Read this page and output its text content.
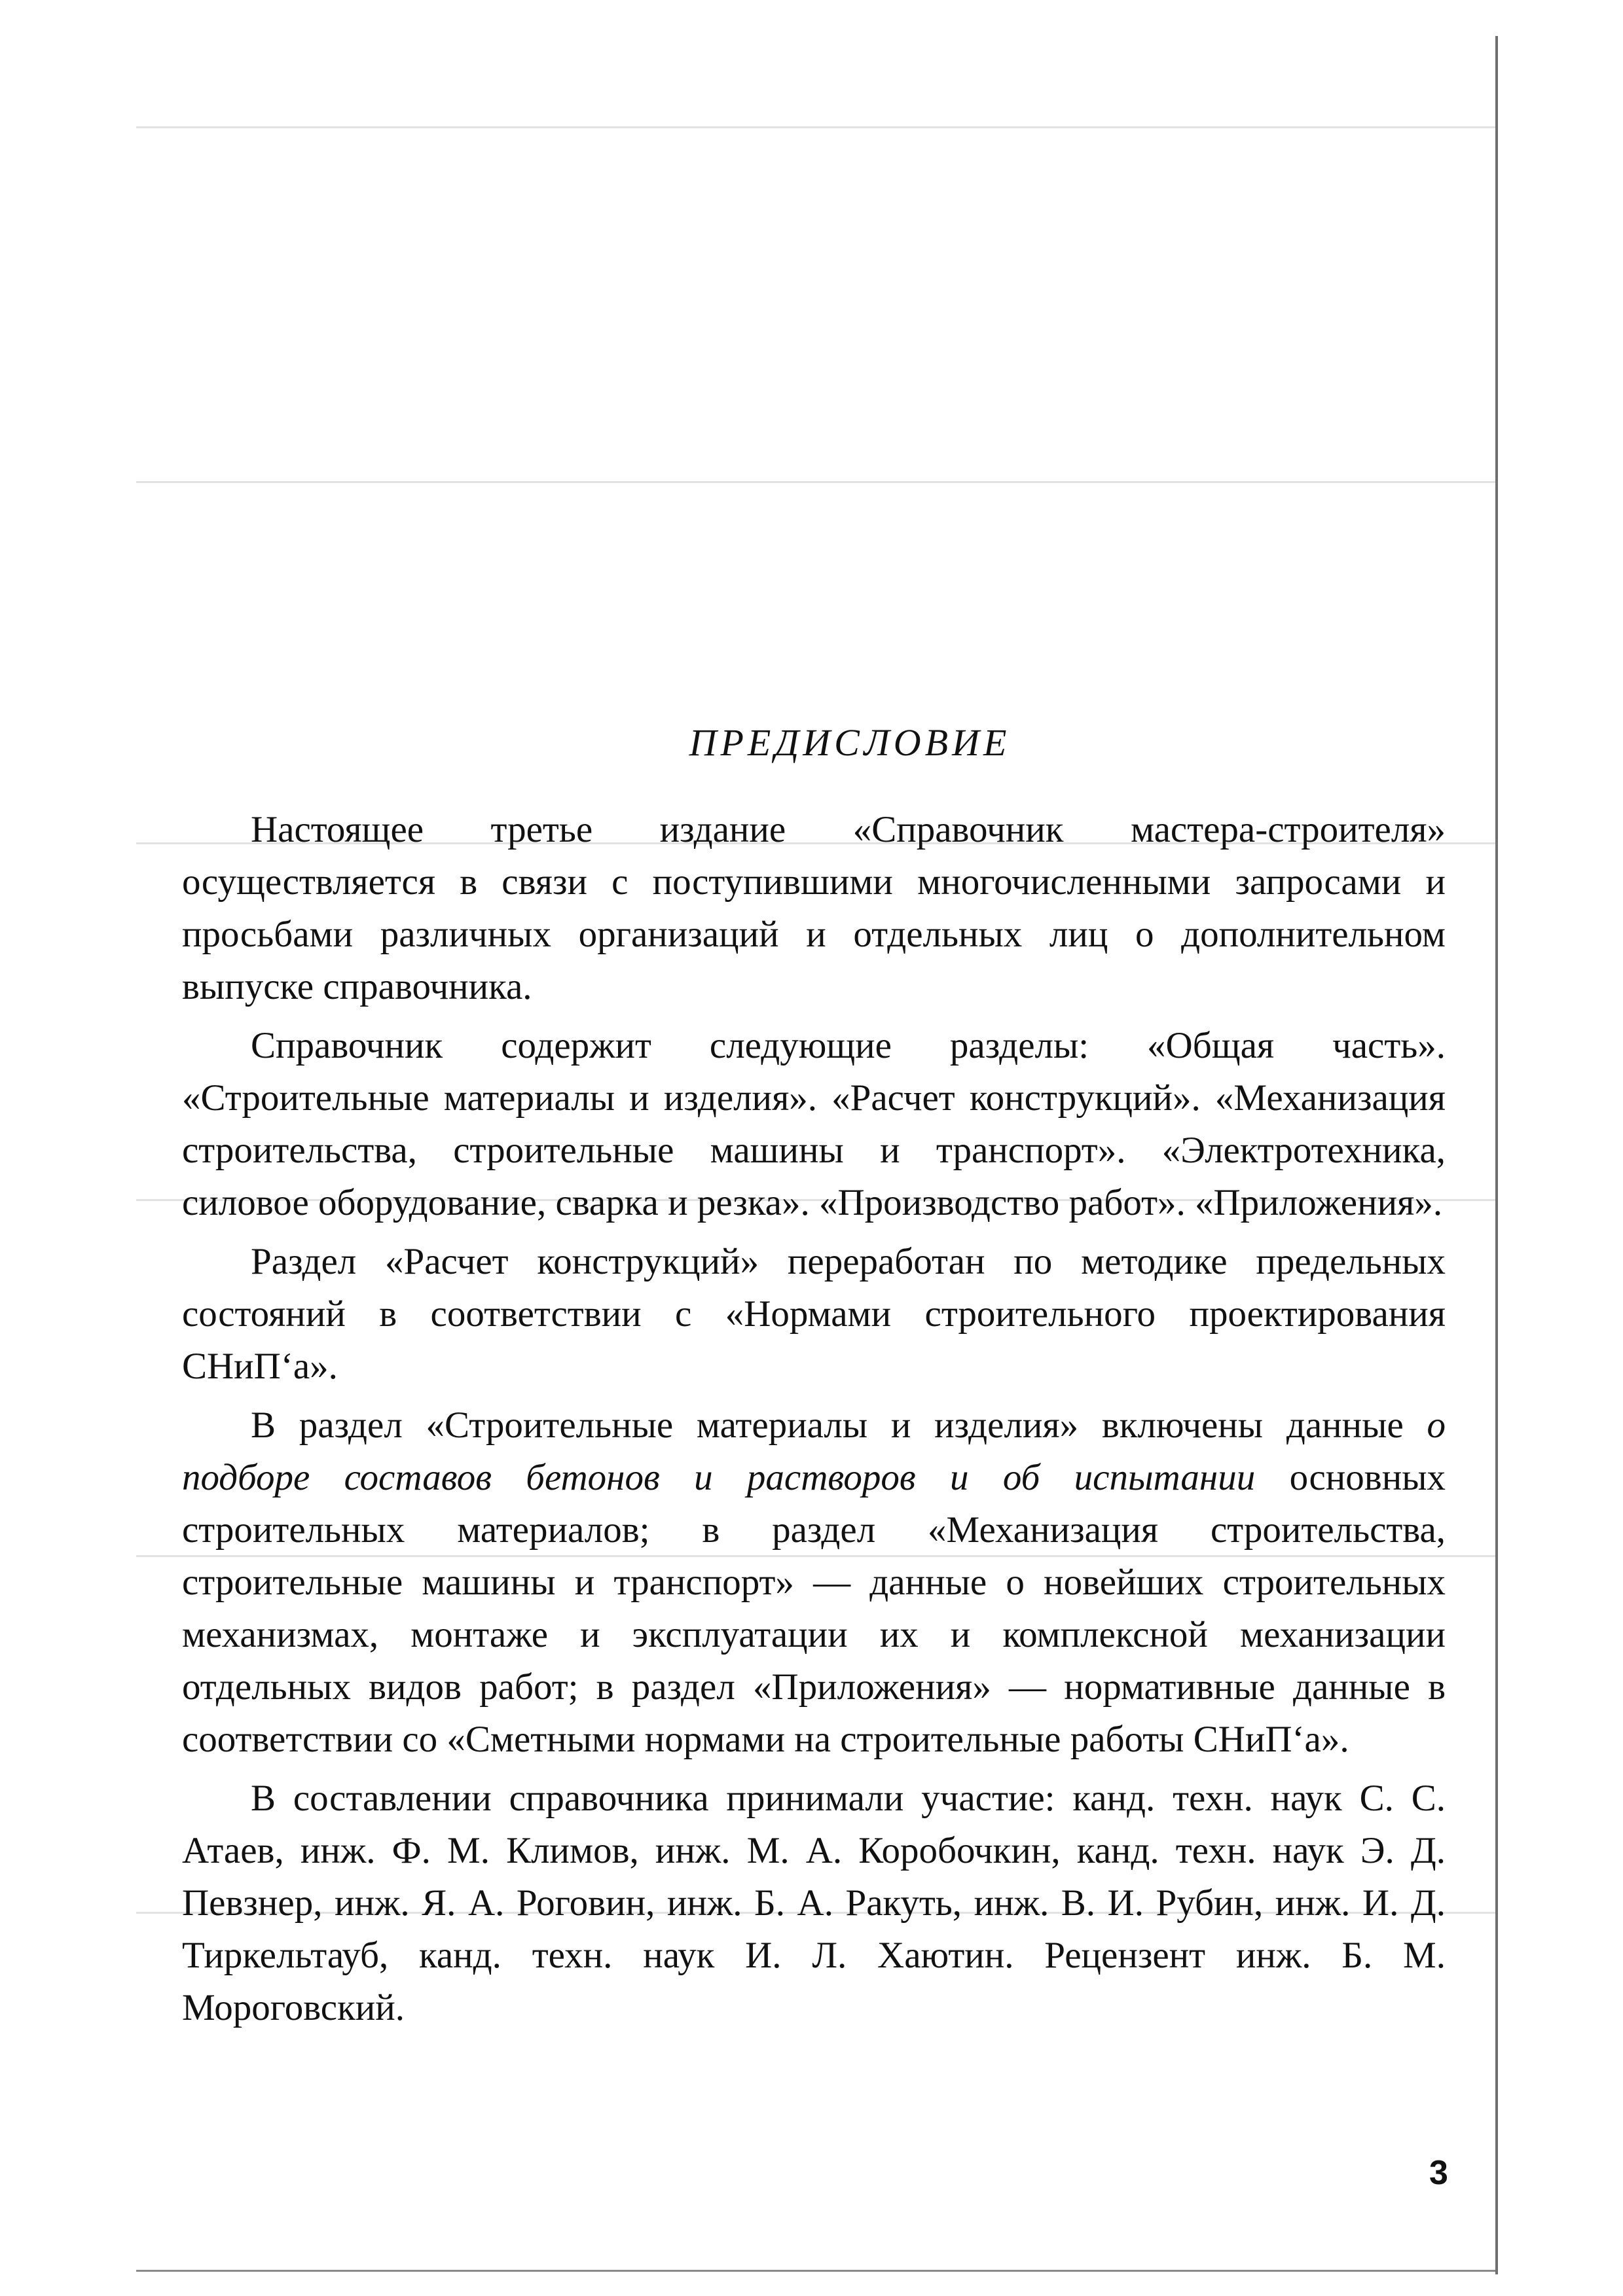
ПРЕДИСЛОВИЕ

Настоящее третье издание «Справочник мастера-строителя» осуществляется в связи с поступившими многочисленными запросами и просьбами различных организаций и отдельных лиц о дополнительном выпуске справочника.

Справочник содержит следующие разделы: «Общая часть». «Строительные материалы и изделия». «Расчет конструкций». «Механизация строительства, строительные машины и транспорт». «Электротехника, силовое оборудование, сварка и резка». «Производство работ». «Приложения».

Раздел «Расчет конструкций» переработан по методике предельных состояний в соответствии с «Нормами строительного проектирования СНиП‘а».

В раздел «Строительные материалы и изделия» включены данные о подборе составов бетонов и растворов и об испытании основных строительных материалов; в раздел «Механизация строительства, строительные машины и транспорт» — данные о новейших строительных механизмах, монтаже и эксплуатации их и комплексной механизации отдельных видов работ; в раздел «Приложения» — нормативные данные в соответствии со «Сметными нормами на строительные работы СНиП‘а».

В составлении справочника принимали участие: канд. техн. наук С. С. Атаев, инж. Ф. М. Климов, инж. М. А. Коробочкин, канд. техн. наук Э. Д. Певзнер, инж. Я. А. Роговин, инж. Б. А. Ракуть, инж. В. И. Рубин, инж. И. Д. Тиркельтауб, канд. техн. наук И. Л. Хаютин. Рецензент инж. Б. М. Мороговский.

3
